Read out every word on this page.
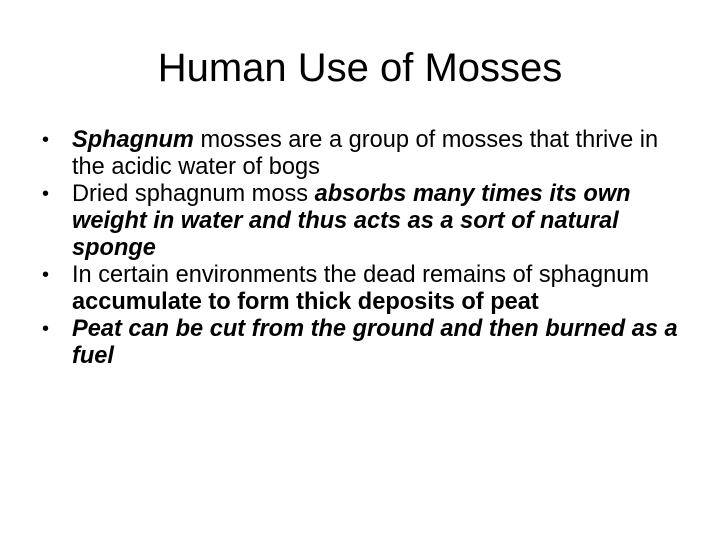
Human Use of Mosses
• Sphagnum mosses are a group of mosses that thrive in the acidic water of bogs
• Dried sphagnum moss absorbs many times its own weight in water and thus acts as a sort of natural sponge
• In certain environments the dead remains of sphagnum accumulate to form thick deposits of peat
• Peat can be cut from the ground and then burned as a fuel
